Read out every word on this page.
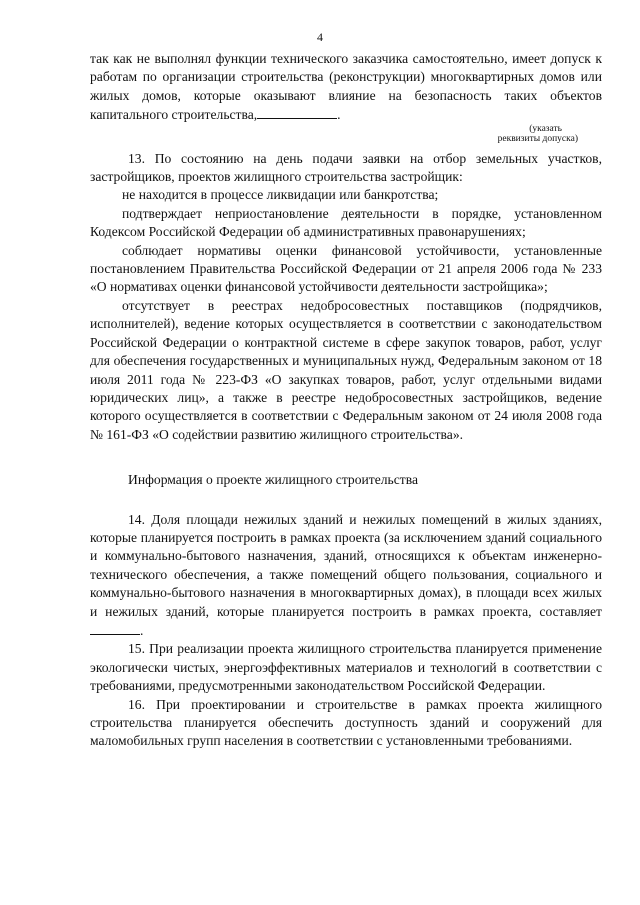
4

так как не выполнял функции технического заказчика самостоятельно, имеет допуск к работам по организации строительства (реконструкции) многоквартирных домов или жилых домов, которые оказывают влияние на безопасность таких объектов капитального строительства,	.

(указать
реквизиты допуска)

13. По состоянию на день подачи заявки на отбор земельных участков, застройщиков, проектов жилищного строительства застройщик:

не находится в процессе ликвидации или банкротства;

подтверждает неприостановление деятельности в порядке, установленном Кодексом Российской Федерации об административных правонарушениях;

соблюдает нормативы оценки финансовой устойчивости, установленные постановлением Правительства Российской Федерации от 21 апреля 2006 года № 233 «О нормативах оценки финансовой устойчивости деятельности застройщика»;

отсутствует в реестрах недобросовестных поставщиков (подрядчиков, исполнителей), ведение которых осуществляется в соответствии с законодательством Российской Федерации о контрактной системе в сфере закупок товаров, работ, услуг для обеспечения государственных и муниципальных нужд, Федеральным законом от 18 июля 2011 года № 223-ФЗ «О закупках товаров, работ, услуг отдельными видами юридических лиц», а также в реестре недобросовестных застройщиков, ведение которого осуществляется в соответствии с Федеральным законом от 24 июля 2008 года № 161-ФЗ «О содействии развитию жилищного строительства».

Информация о проекте жилищного строительства

14. Доля площади нежилых зданий и нежилых помещений в жилых зданиях, которые планируется построить в рамках проекта (за исключением зданий социального и коммунально-бытового назначения, зданий, относящихся к объектам инженерно-технического обеспечения, а также помещений общего пользования, социального и коммунально-бытового назначения в многоквартирных домах), в площади всех жилых и нежилых зданий, которые планируется построить в рамках проекта, составляет .

15. При реализации проекта жилищного строительства планируется применение экологически чистых, энергоэффективных материалов и технологий в соответствии с требованиями, предусмотренными законодательством Российской Федерации.

16. При проектировании и строительстве в рамках проекта жилищного строительства планируется обеспечить доступность зданий и сооружений для маломобильных групп населения в соответствии с установленными требованиями.
